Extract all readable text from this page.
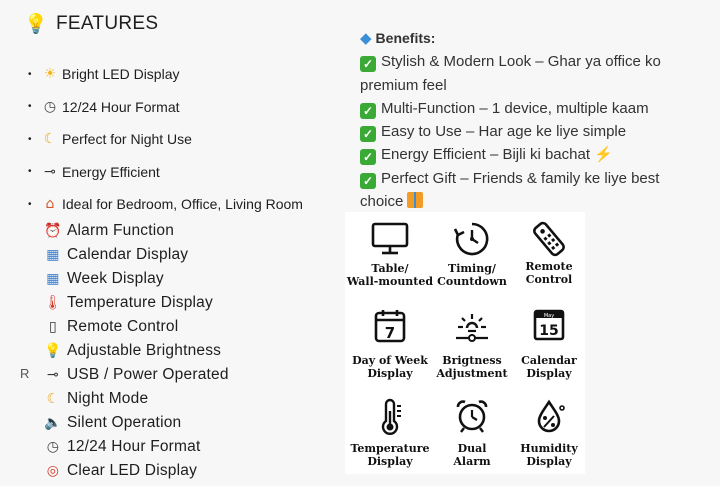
💡 FEATURES
• ☀ Bright LED Display
• ◷ 12/24 Hour Format
• ☾ Perfect for Night Use
• ⊸ Energy Efficient
•	⌂ Ideal for Bedroom, Office, Living Room
⏰ Alarm Function
▦ Calendar Display
▦ Week Display
🌡 Temperature Display
▯ Remote Control
💡 Adjustable Brightness
⊸ USB / Power Operated
☾ Night Mode
🔈 Silent Operation
◷ 12/24 Hour Format
◎ Clear LED Display
R
◆ Benefits:
✓ Stylish & Modern Look – Ghar ya office ko premium feel
✓ Multi-Function – 1 device, multiple kaam
✓ Easy to Use – Har age ke liye simple
✓ Energy Efficient – Bijli ki bachat ⚡
✓ Perfect Gift – Friends & family ke liye best choice
Table/
Wall-mounted
Timing/
Countdown
Remote
Control
7
Day of Week
Display
Brigtness
Adjustment
May
15
Calendar
Display
Temperature
Display
Dual
Alarm
Humidity
Display
